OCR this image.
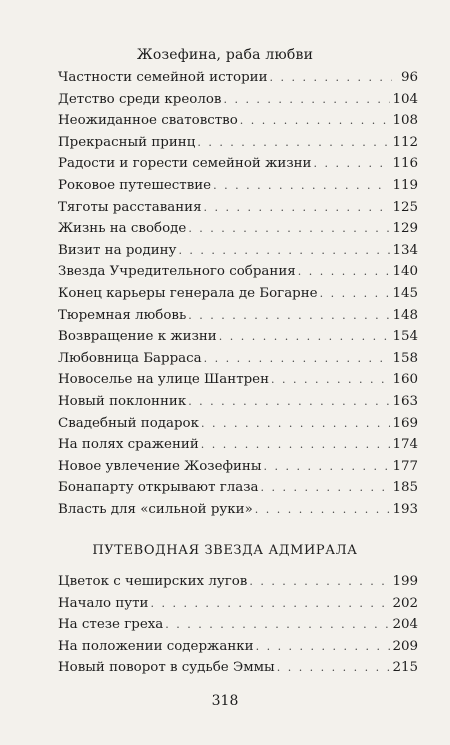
Жозефина, раба любви
Частности семейной истории . . .	96
Детство среди креолов . . .	104
Неожиданное сватовство . . .	108
Прекрасный принц . . .	112
Радости и горести семейной жизни . . .	116
Роковое путешествие . . .	119
Тяготы расставания . . .	125
Жизнь на свободе . . .	129
Визит на родину . . .	134
Звезда Учредительного собрания . . .	140
Конец карьеры генерала де Богарне . . .	145
Тюремная любовь . . .	148
Возвращение к жизни . . .	154
Любовница Барраса . . .	158
Новоселье на улице Шантрен . . .	160
Новый поклонник . . .	163
Свадебный подарок . . .	169
На полях сражений . . .	174
Новое увлечение Жозефины . . .	177
Бонапарту открывают глаза . . .	185
Власть для «сильной руки» . . .	193
ПУТЕВОДНАЯ ЗВЕЗДА АДМИРАЛА
Цветок с чеширских лугов . . .	199
Начало пути . . .	202
На стезе греха . . .	204
На положении содержанки . . .	209
Новый поворот в судьбе Эммы . . .	215
318
